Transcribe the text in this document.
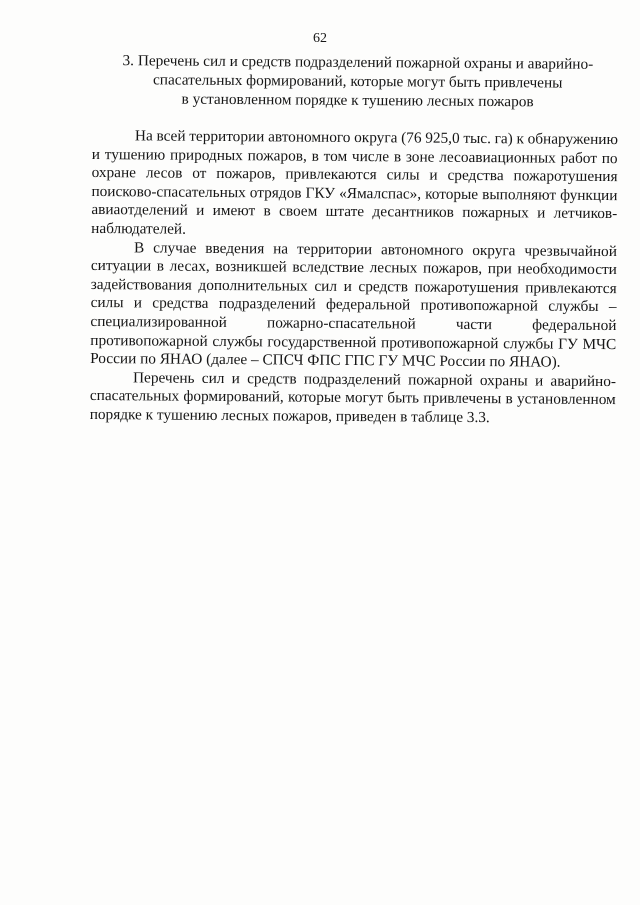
62
3. Перечень сил и средств подразделений пожарной охраны и аварийно-
спасательных формирований, которые могут быть привлечены
в установленном порядке к тушению лесных пожаров
На всей территории автономного округа (76 925,0 тыс. га) к обнаружению
и тушению природных пожаров, в том числе в зоне лесоавиационных работ по
охране лесов от пожаров, привлекаются силы и средства пожаротушения
поисково-спасательных отрядов ГКУ «Ямалспас», которые выполняют функции
авиаотделений и имеют в своем штате десантников пожарных и летчиков-
наблюдателей.
В случае введения на территории автономного округа чрезвычайной
ситуации в лесах, возникшей вследствие лесных пожаров, при необходимости
задействования дополнительных сил и средств пожаротушения привлекаются
силы и средства подразделений федеральной противопожарной службы –
специализированной	пожарно-спасательной	части	федеральной
противопожарной службы государственной противопожарной службы ГУ МЧС
России по ЯНАО (далее – СПСЧ ФПС ГПС ГУ МЧС России по ЯНАО).
Перечень сил и средств подразделений пожарной охраны и аварийно-
спасательных формирований, которые могут быть привлечены в установленном
порядке к тушению лесных пожаров, приведен в таблице 3.3.
